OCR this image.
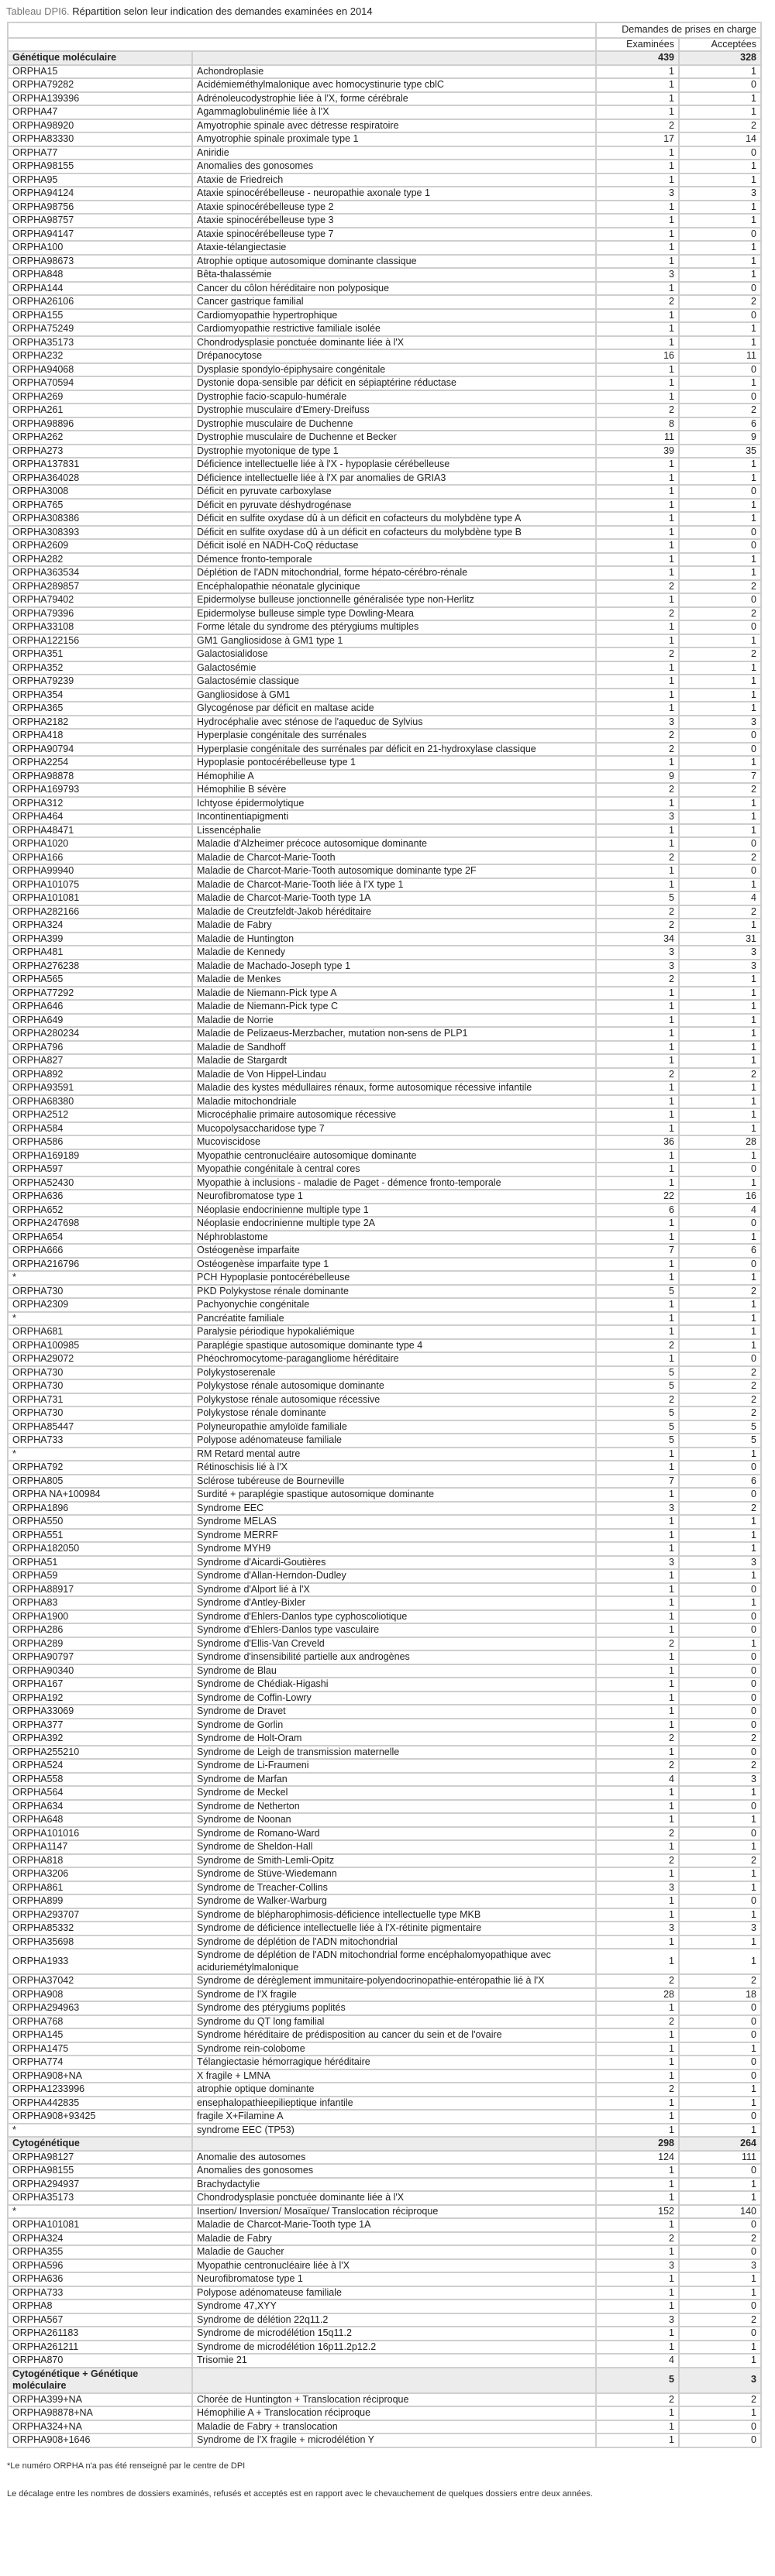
Tableau DPI6. Répartition selon leur indication des demandes examinées en 2014
		Demandes de prises en charge	
		Examinées	Acceptées
Génétique moléculaire		439	328
ORPHA15	Achondroplasie	1	1
ORPHA79282	Acidémieméthylmalonique avec homocystinurie type cblC	1	0
ORPHA139396	Adrénoleucodystrophie liée à l'X, forme cérébrale	1	1
ORPHA47	Agammaglobulinémie liée à l'X	1	1
ORPHA98920	Amyotrophie spinale avec détresse respiratoire	2	2
ORPHA83330	Amyotrophie spinale proximale type 1	17	14
ORPHA77	Aniridie	1	0
ORPHA98155	Anomalies des gonosomes	1	1
ORPHA95	Ataxie de Friedreich	1	1
ORPHA94124	Ataxie spinocérébelleuse - neuropathie axonale type 1	3	3
ORPHA98756	Ataxie spinocérébelleuse type 2	1	1
ORPHA98757	Ataxie spinocérébelleuse type 3	1	1
ORPHA94147	Ataxie spinocérébelleuse type 7	1	0
ORPHA100	Ataxie-télangiectasie	1	1
ORPHA98673	Atrophie optique autosomique dominante classique	1	1
ORPHA848	Bêta-thalassémie	3	1
ORPHA144	Cancer du côlon héréditaire non polyposique	1	0
ORPHA26106	Cancer gastrique familial	2	2
ORPHA155	Cardiomyopathie hypertrophique	1	0
ORPHA75249	Cardiomyopathie restrictive familiale isolée	1	1
ORPHA35173	Chondrodysplasie ponctuée dominante liée à l'X	1	1
ORPHA232	Drépanocytose	16	11
ORPHA94068	Dysplasie spondylo-épiphysaire congénitale	1	0
ORPHA70594	Dystonie dopa-sensible par déficit en sépiaptérine réductase	1	1
ORPHA269	Dystrophie facio-scapulo-humérale	1	0
ORPHA261	Dystrophie musculaire d'Emery-Dreifuss	2	2
ORPHA98896	Dystrophie musculaire de Duchenne	8	6
ORPHA262	Dystrophie musculaire de Duchenne et Becker	11	9
ORPHA273	Dystrophie myotonique de type 1	39	35
ORPHA137831	Déficience intellectuelle liée à l'X - hypoplasie cérébelleuse	1	1
ORPHA364028	Déficience intellectuelle liée à l'X par anomalies de GRIA3	1	1
ORPHA3008	Déficit en pyruvate carboxylase	1	0
ORPHA765	Déficit en pyruvate déshydrogénase	1	1
ORPHA308386	Déficit en sulfite oxydase dû à un déficit en cofacteurs du molybdène type A	1	1
ORPHA308393	Déficit en sulfite oxydase dû à un déficit en cofacteurs du molybdène type B	1	0
ORPHA2609	Déficit isolé en NADH-CoQ réductase	1	0
ORPHA282	Démence fronto-temporale	1	1
ORPHA363534	Déplétion de l'ADN mitochondrial, forme hépato-cérébro-rénale	1	1
ORPHA289857	Encéphalopathie néonatale glycinique	2	2
ORPHA79402	Epidermolyse bulleuse jonctionnelle généralisée type non-Herlitz	1	0
ORPHA79396	Epidermolyse bulleuse simple type Dowling-Meara	2	2
ORPHA33108	Forme létale du syndrome des ptérygiums multiples	1	0
ORPHA122156	GM1 Gangliosidose à GM1 type 1	1	1
ORPHA351	Galactosialidose	2	2
ORPHA352	Galactosémie	1	1
ORPHA79239	Galactosémie classique	1	1
ORPHA354	Gangliosidose à GM1	1	1
ORPHA365	Glycogénose par déficit en maltase acide	1	1
ORPHA2182	Hydrocéphalie avec sténose de l'aqueduc de Sylvius	3	3
ORPHA418	Hyperplasie congénitale des surrénales	2	0
ORPHA90794	Hyperplasie congénitale des surrénales par déficit en 21-hydroxylase classique	2	0
ORPHA2254	Hypoplasie pontocérébelleuse type 1	1	1
ORPHA98878	Hémophilie A	9	7
ORPHA169793	Hémophilie B sévère	2	2
ORPHA312	Ichtyose épidermolytique	1	1
ORPHA464	Incontinentiapigmenti	3	1
ORPHA48471	Lissencéphalie	1	1
ORPHA1020	Maladie d'Alzheimer précoce autosomique dominante	1	0
ORPHA166	Maladie de Charcot-Marie-Tooth	2	2
ORPHA99940	Maladie de Charcot-Marie-Tooth autosomique dominante type 2F	1	0
ORPHA101075	Maladie de Charcot-Marie-Tooth liée à l'X type 1	1	1
ORPHA101081	Maladie de Charcot-Marie-Tooth type 1A	5	4
ORPHA282166	Maladie de Creutzfeldt-Jakob héréditaire	2	2
ORPHA324	Maladie de Fabry	2	1
ORPHA399	Maladie de Huntington	34	31
ORPHA481	Maladie de Kennedy	3	3
ORPHA276238	Maladie de Machado-Joseph type 1	3	3
ORPHA565	Maladie de Menkes	2	1
ORPHA77292	Maladie de Niemann-Pick type A	1	1
ORPHA646	Maladie de Niemann-Pick type C	1	1
ORPHA649	Maladie de Norrie	1	1
ORPHA280234	Maladie de Pelizaeus-Merzbacher, mutation non-sens de PLP1	1	1
ORPHA796	Maladie de Sandhoff	1	1
ORPHA827	Maladie de Stargardt	1	1
ORPHA892	Maladie de Von Hippel-Lindau	2	2
ORPHA93591	Maladie des kystes médullaires rénaux, forme autosomique récessive infantile	1	1
ORPHA68380	Maladie mitochondriale	1	1
ORPHA2512	Microcéphalie primaire autosomique récessive	1	1
ORPHA584	Mucopolysaccharidose type 7	1	1
ORPHA586	Mucoviscidose	36	28
ORPHA169189	Myopathie centronucléaire autosomique dominante	1	1
ORPHA597	Myopathie congénitale à central cores	1	0
ORPHA52430	Myopathie à inclusions - maladie de Paget - démence fronto-temporale	1	1
ORPHA636	Neurofibromatose type 1	22	16
ORPHA652	Néoplasie endocrinienne multiple type 1	6	4
ORPHA247698	Néoplasie endocrinienne multiple type 2A	1	0
ORPHA654	Néphroblastome	1	1
ORPHA666	Ostéogenèse imparfaite	7	6
ORPHA216796	Ostéogenèse imparfaite type 1	1	0
*	PCH Hypoplasie pontocérébelleuse	1	1
ORPHA730	PKD Polykystose rénale dominante	5	2
ORPHA2309	Pachyonychie congénitale	1	1
*	Pancréatite familiale	1	1
ORPHA681	Paralysie périodique hypokaliémique	1	1
ORPHA100985	Paraplégie spastique autosomique dominante type 4	2	1
ORPHA29072	Phéochromocytome-paragangliome héréditaire	1	0
ORPHA730	Polykystoserenale	5	2
ORPHA730	Polykystose rénale autosomique dominante	5	2
ORPHA731	Polykystose rénale autosomique récessive	2	2
ORPHA730	Polykystose rénale dominante	5	2
ORPHA85447	Polyneuropathie amyloïde familiale	5	5
ORPHA733	Polypose adénomateuse familiale	5	5
*	RM Retard mental autre	1	1
ORPHA792	Rétinoschisis lié à l'X	1	0
ORPHA805	Sclérose tubéreuse de Bourneville	7	6
ORPHA NA+100984	Surdité + paraplégie spastique autosomique dominante	1	0
ORPHA1896	Syndrome EEC	3	2
ORPHA550	Syndrome MELAS	1	1
ORPHA551	Syndrome MERRF	1	1
ORPHA182050	Syndrome MYH9	1	1
ORPHA51	Syndrome d'Aicardi-Goutières	3	3
ORPHA59	Syndrome d'Allan-Herndon-Dudley	1	1
ORPHA88917	Syndrome d'Alport lié à l'X	1	0
ORPHA83	Syndrome d'Antley-Bixler	1	1
ORPHA1900	Syndrome d'Ehlers-Danlos type cyphoscoliotique	1	0
ORPHA286	Syndrome d'Ehlers-Danlos type vasculaire	1	0
ORPHA289	Syndrome d'Ellis-Van Creveld	2	1
ORPHA90797	Syndrome d'insensibilité partielle aux androgènes	1	0
ORPHA90340	Syndrome de Blau	1	0
ORPHA167	Syndrome de Chédiak-Higashi	1	0
ORPHA192	Syndrome de Coffin-Lowry	1	0
ORPHA33069	Syndrome de Dravet	1	0
ORPHA377	Syndrome de Gorlin	1	0
ORPHA392	Syndrome de Holt-Oram	2	2
ORPHA255210	Syndrome de Leigh de transmission maternelle	1	0
ORPHA524	Syndrome de Li-Fraumeni	2	2
ORPHA558	Syndrome de Marfan	4	3
ORPHA564	Syndrome de Meckel	1	1
ORPHA634	Syndrome de Netherton	1	0
ORPHA648	Syndrome de Noonan	1	1
ORPHA101016	Syndrome de Romano-Ward	2	0
ORPHA1147	Syndrome de Sheldon-Hall	1	1
ORPHA818	Syndrome de Smith-Lemli-Opitz	2	2
ORPHA3206	Syndrome de Stüve-Wiedemann	1	1
ORPHA861	Syndrome de Treacher-Collins	3	1
ORPHA899	Syndrome de Walker-Warburg	1	0
ORPHA293707	Syndrome de blépharophimosis-déficience intellectuelle type MKB	1	1
ORPHA85332	Syndrome de déficience intellectuelle liée à l'X-rétinite pigmentaire	3	3
ORPHA35698	Syndrome de déplétion de l'ADN mitochondrial	1	1
ORPHA1933	Syndrome de déplétion de l'ADN mitochondrial forme encéphalomyopathique avec aciduriemétylmalonique	1	1
ORPHA37042	Syndrome de dérèglement immunitaire-polyendocrinopathie-entéropathie lié à l'X	2	2
ORPHA908	Syndrome de l'X fragile	28	18
ORPHA294963	Syndrome des ptérygiums poplités	1	0
ORPHA768	Syndrome du QT long familial	2	0
ORPHA145	Syndrome héréditaire de prédisposition au cancer du sein et de l'ovaire	1	0
ORPHA1475	Syndrome rein-colobome	1	1
ORPHA774	Télangiectasie hémorragique héréditaire	1	0
ORPHA908+NA	X fragile + LMNA	1	0
ORPHA1233996	atrophie optique dominante	2	1
ORPHA442835	ensephalopathieepilieptique infantile	1	1
ORPHA908+93425	fragile X+Filamine A	1	0
*	syndrome EEC (TP53)	1	1
Cytogénétique		298	264
ORPHA98127	Anomalie des autosomes	124	111
ORPHA98155	Anomalies des gonosomes	1	0
ORPHA294937	Brachydactylie	1	1
ORPHA35173	Chondrodysplasie ponctuée dominante liée à l'X	1	1
*	Insertion/ Inversion/ Mosaïque/ Translocation réciproque	152	140
ORPHA101081	Maladie de Charcot-Marie-Tooth type 1A	1	0
ORPHA324	Maladie de Fabry	2	2
ORPHA355	Maladie de Gaucher	1	0
ORPHA596	Myopathie centronucléaire liée à l'X	3	3
ORPHA636	Neurofibromatose type 1	1	1
ORPHA733	Polypose adénomateuse familiale	1	1
ORPHA8	Syndrome 47,XYY	1	0
ORPHA567	Syndrome de délétion 22q11.2	3	2
ORPHA261183	Syndrome de microdélétion 15q11.2	1	0
ORPHA261211	Syndrome de microdélétion 16p11.2p12.2	1	1
ORPHA870	Trisomie 21	4	1
Cytogénétique + Génétique moléculaire		5	3
ORPHA399+NA	Chorée de Huntington + Translocation réciproque	2	2
ORPHA98878+NA	Hémophilie A + Translocation réciproque	1	1
ORPHA324+NA	Maladie de Fabry + translocation	1	0
ORPHA908+1646	Syndrome de l'X fragile + microdélétion Y	1	0

*Le numéro ORPHA n'a pas été renseigné par le centre de DPI

Le décalage entre les nombres de dossiers examinés, refusés et acceptés est en rapport avec le chevauchement de quelques dossiers entre deux années.
